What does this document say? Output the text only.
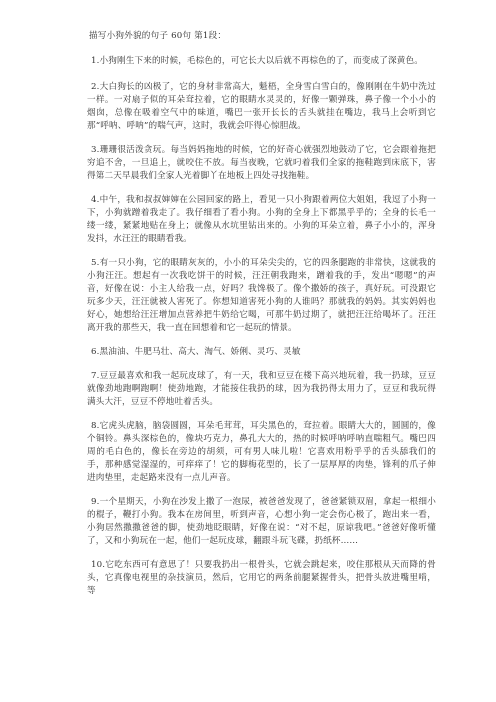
描写小狗外貌的句子 60句 第1段：

1.小狗刚生下来的时候，毛棕色的，可它长大以后就不再棕色的了，而变成了深黄色。

2.大白狗长的凶极了，它的身材非常高大，魁梧，全身雪白雪白的，像刚刚在牛奶中洗过一样。一对扇子似的耳朵耷拉着，它的眼睛水灵灵的，好像一颗弹珠，鼻子像一个小小的烟囱，总像在吸着空气中的味道，嘴巴一张开长长的舌头就挂在嘴边，我马上会听到它那“呼呐、呼呐”的喘气声，这时，我就会吓得心惊胆战。

3.珊珊很活泼贪玩。每当妈妈拖地的时候，它的好奇心就强烈地鼓动了它，它会跟着拖把穷追不舍，一旦追上，就咬住不放。每当夜晚，它就叼着我们全家的拖鞋跑到床底下，害得第二天早晨我们全家人光着脚丫在地板上四处寻找拖鞋。

4.中午，我和叔叔婶婶在公园回家的路上，看见一只小狗跟着两位大姐姐，我逗了小狗一下，小狗就蹭着我走了。我仔细看了看小狗。小狗的全身上下都黑乎乎的；全身的长毛一缕一缕，紧紧地贴在身上；就像从水坑里钻出来的。小狗的耳朵立着，鼻子小小的，浑身发抖，水汪汪的眼睛看我。

5.有一只小狗，它的眼睛灰灰的，小小的耳朵尖尖的，它的四条腿跑的非常快，这就我的小狗汪汪。想起有一次我吃饼干的时候，汪汪朝我跑来，蹭着我的手，发出“嗯嗯”的声音，好像在说：小主人给我一点，好吗？我馋极了。像个撒娇的孩子，真好玩。可没跟它玩多少天，汪汪就被人害死了。你想知道害死小狗的人谁吗？那就我的妈妈。其实妈妈也好心，她想给汪汪增加点营养把牛奶给它喝，可那牛奶过期了，就把汪汪给喝坏了。汪汪离开我的那些天，我一直在回想着和它一起玩的情景。

6.黑油油、牛肥马壮、高大、淘气、娇俐、灵巧、灵敏

7.豆豆最喜欢和我一起玩皮球了，有一天，我和豆豆在楼下高兴地玩着，我一扔球，豆豆就像劲地跑啊跑啊！使劲地跑，才能接住我扔的球，因为我扔得太用力了，豆豆和我玩得满头大汗，豆豆不停地吐着舌头。

8.它虎头虎脑，脑袋圆圆，耳朵毛茸茸，耳尖黑色的，耷拉着。眼睛大大的，圆圆的，像个铜铃。鼻头深棕色的，像块巧克力，鼻孔大大的，热的时候呼呐呼呐直喘粗气。嘴巴四周的毛白色的，像长在旁边的胡须，可有男人味儿啦！它喜欢用粉乎乎的舌头舔我们的手，那种感觉湿湿的，可痒痒了！它的脚梅花型的，长了一层厚厚的肉垫，锋利的爪子伸进肉垫里，走起路来没有一点儿声音。

9.一个星期天，小狗在沙发上撒了一泡尿，被爸爸发现了，爸爸紧锁双眉，拿起一根细小的棍子，鞭打小狗。我本在房间里，听到声音，心想小狗一定会伤心极了，跑出来一看，小狗居然撒撒爸爸的脚，使劲地眨眼睛，好像在说：“对不起，原谅我吧。”爸爸好像听懂了，又和小狗玩在一起，他们一起玩皮球，翻跟斗玩飞碟，扔纸杯……

10.它吃东西可有意思了！只要我扔出一根骨头，它就会跳起来，咬住那根从天而降的骨头，它真像电视里的杂技演员，然后，它用它的两条前腿紧握骨头，把骨头放进嘴里啃，等
